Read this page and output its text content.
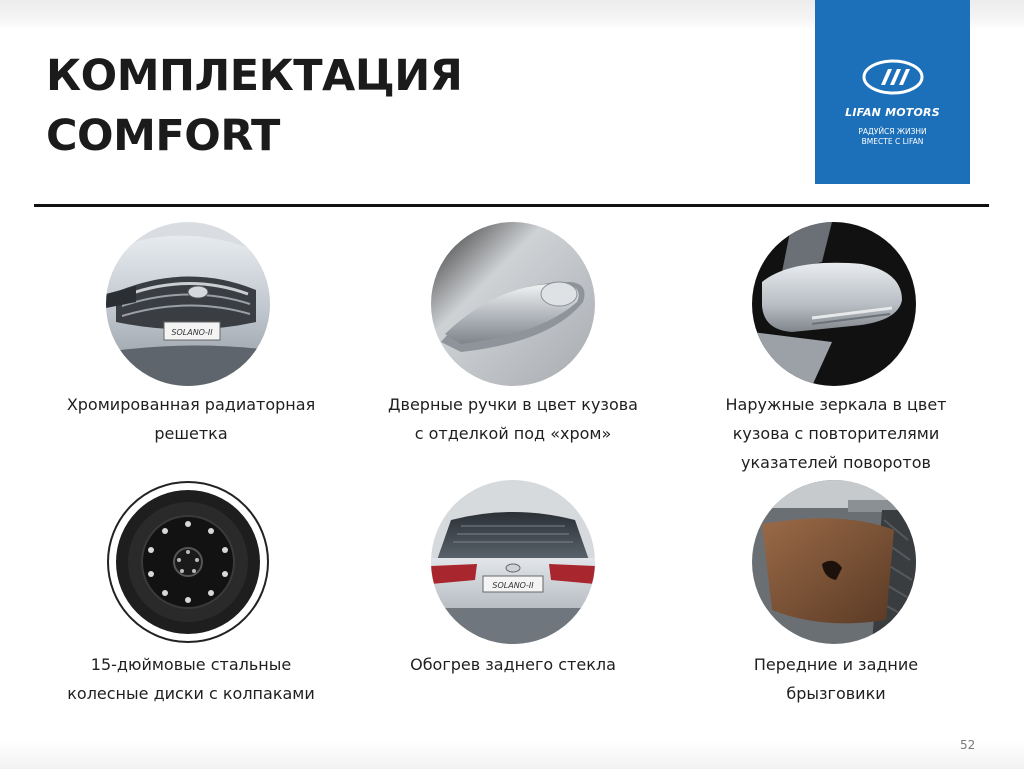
КОМПЛЕКТАЦИЯ
COMFORT	LIFAN MOTORS
РАДУЙСЯ ЖИЗНИ
ВМЕСТЕ С LIFAN
SOLANO-II
Хромированная радиаторная
решетка
Дверные ручки в цвет кузова
с отделкой под «хром»
Наружные зеркала в цвет
кузова с повторителями
указателей поворотов
15-дюймовые стальные
колесные диски с колпаками
SOLANO-II
Обогрев заднего стекла	Передние и задние
брызговики
52
